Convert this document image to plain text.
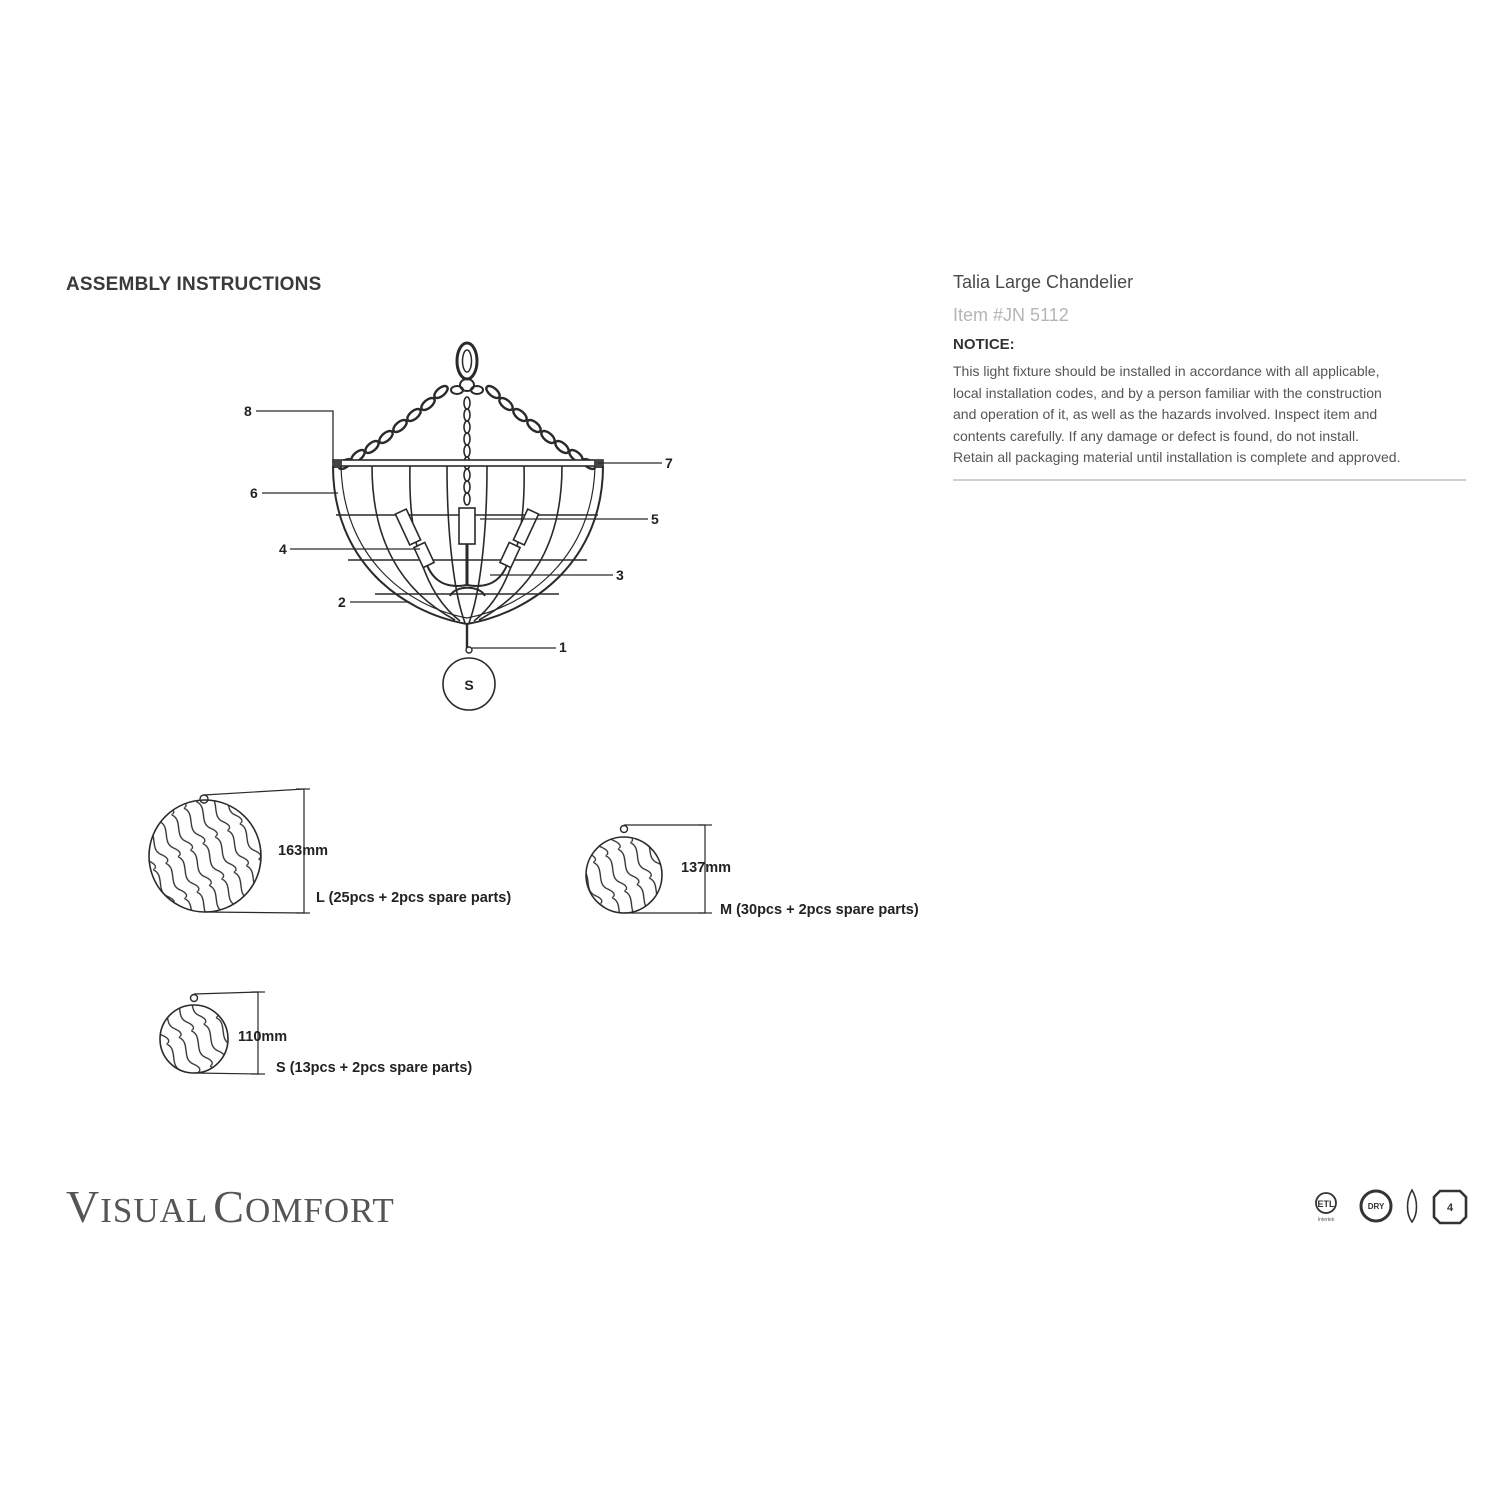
ASSEMBLY INSTRUCTIONS	Talia Large Chandelier
Item #JN 5112
NOTICE:
This light fixture should be installed in accordance with all applicable,
local installation codes, and by a person familiar with the construction
and operation of it, as well as the hazards involved. Inspect item and
contents carefully. If any damage or defect is found, do not install.
Retain all packaging material until installation is complete and approved.
S
8
6
4
2
1
3
5
7
163mm
L (25pcs + 2pcs spare parts)
137mm
M (30pcs + 2pcs spare parts)
110mm
S (13pcs + 2pcs spare parts)
VISUAL COMFORT	ETL
Intertek
DRY	4
